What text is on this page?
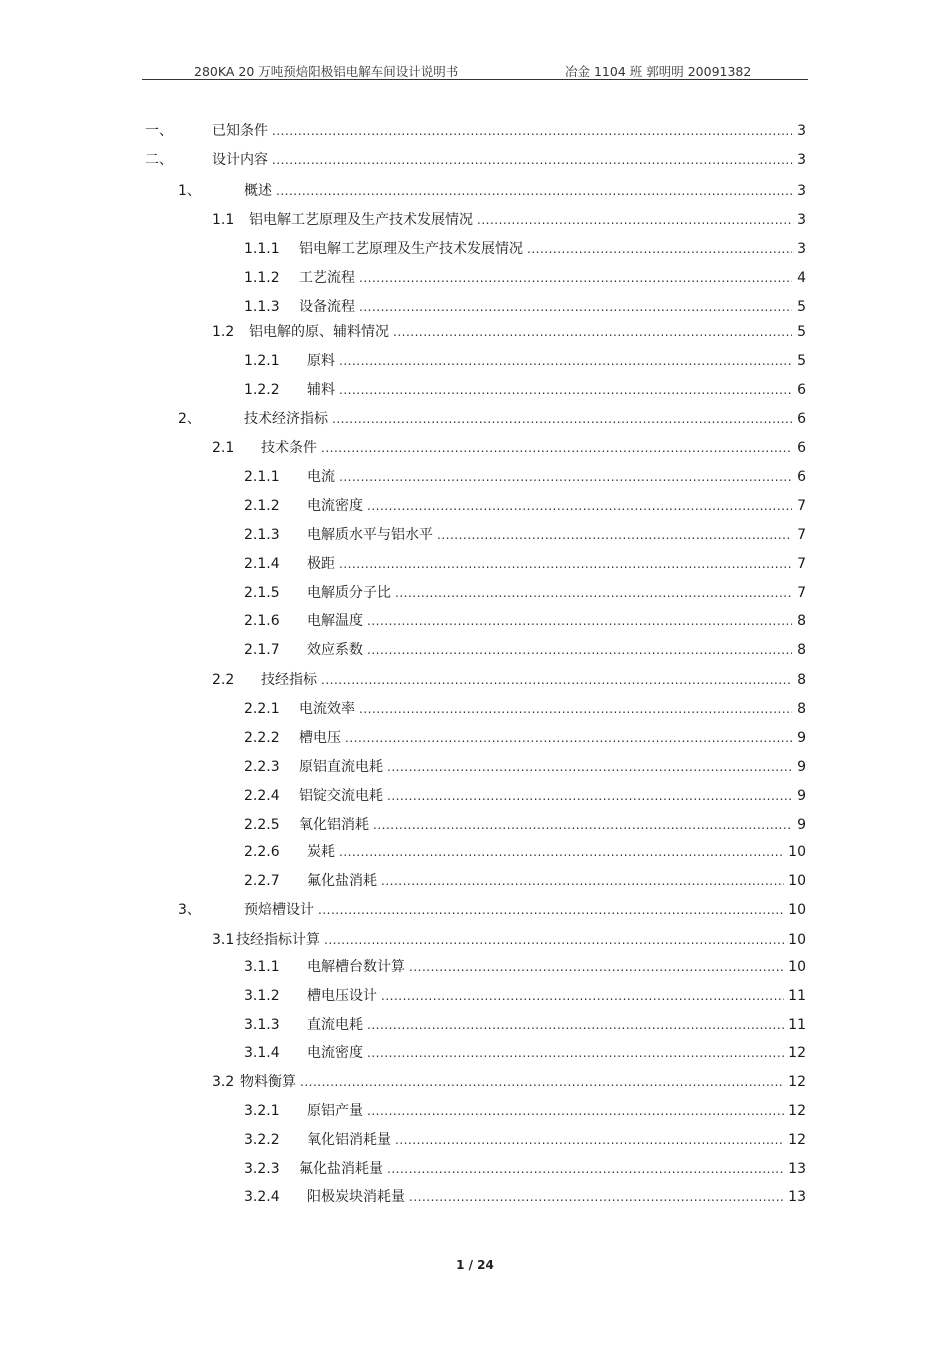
280KA 20 万吨预焙阳极铝电解车间设计说明书	冶金 1104 班 郭明明 20091382
一、	已知条件 .....	3
二、	设计内容 .....	3
1、	概述 .....	3
1.1	铝电解工艺原理及生产技术发展情况 .....	3
1.1.1	铝电解工艺原理及生产技术发展情况 .....	3
1.1.2	工艺流程 .....	4
1.1.3	设备流程 .....	5
1.2	铝电解的原、辅料情况 .....	5
1.2.1	原料 .....	5
1.2.2	辅料 .....	6
2、	技术经济指标 .....	6
2.1	技术条件 .....	6
2.1.1	电流 .....	6
2.1.2	电流密度 .....	7
2.1.3	电解质水平与铝水平 .....	7
2.1.4	极距 .....	7
2.1.5	电解质分子比 .....	7
2.1.6	电解温度 .....	8
2.1.7	效应系数 .....	8
2.2	技经指标 .....	8
2.2.1	电流效率 .....	8
2.2.2	槽电压 .....	9
2.2.3	原铝直流电耗 .....	9
2.2.4	铝锭交流电耗 .....	9
2.2.5	氧化铝消耗 .....	9
2.2.6	炭耗 .....	10
2.2.7	氟化盐消耗 .....	10
3、	预焙槽设计 .....	10
3.1 技经指标计算 .....	10
3.1.1	电解槽台数计算 .....	10
3.1.2	槽电压设计 .....	11
3.1.3	直流电耗 .....	11
3.1.4	电流密度 .....	12
3.2 物料衡算 .....	12
3.2.1	原铝产量 .....	12
3.2.2	氧化铝消耗量 .....	12
3.2.3	氟化盐消耗量 .....	13
3.2.4	阳极炭块消耗量 .....	13
1 / 24
